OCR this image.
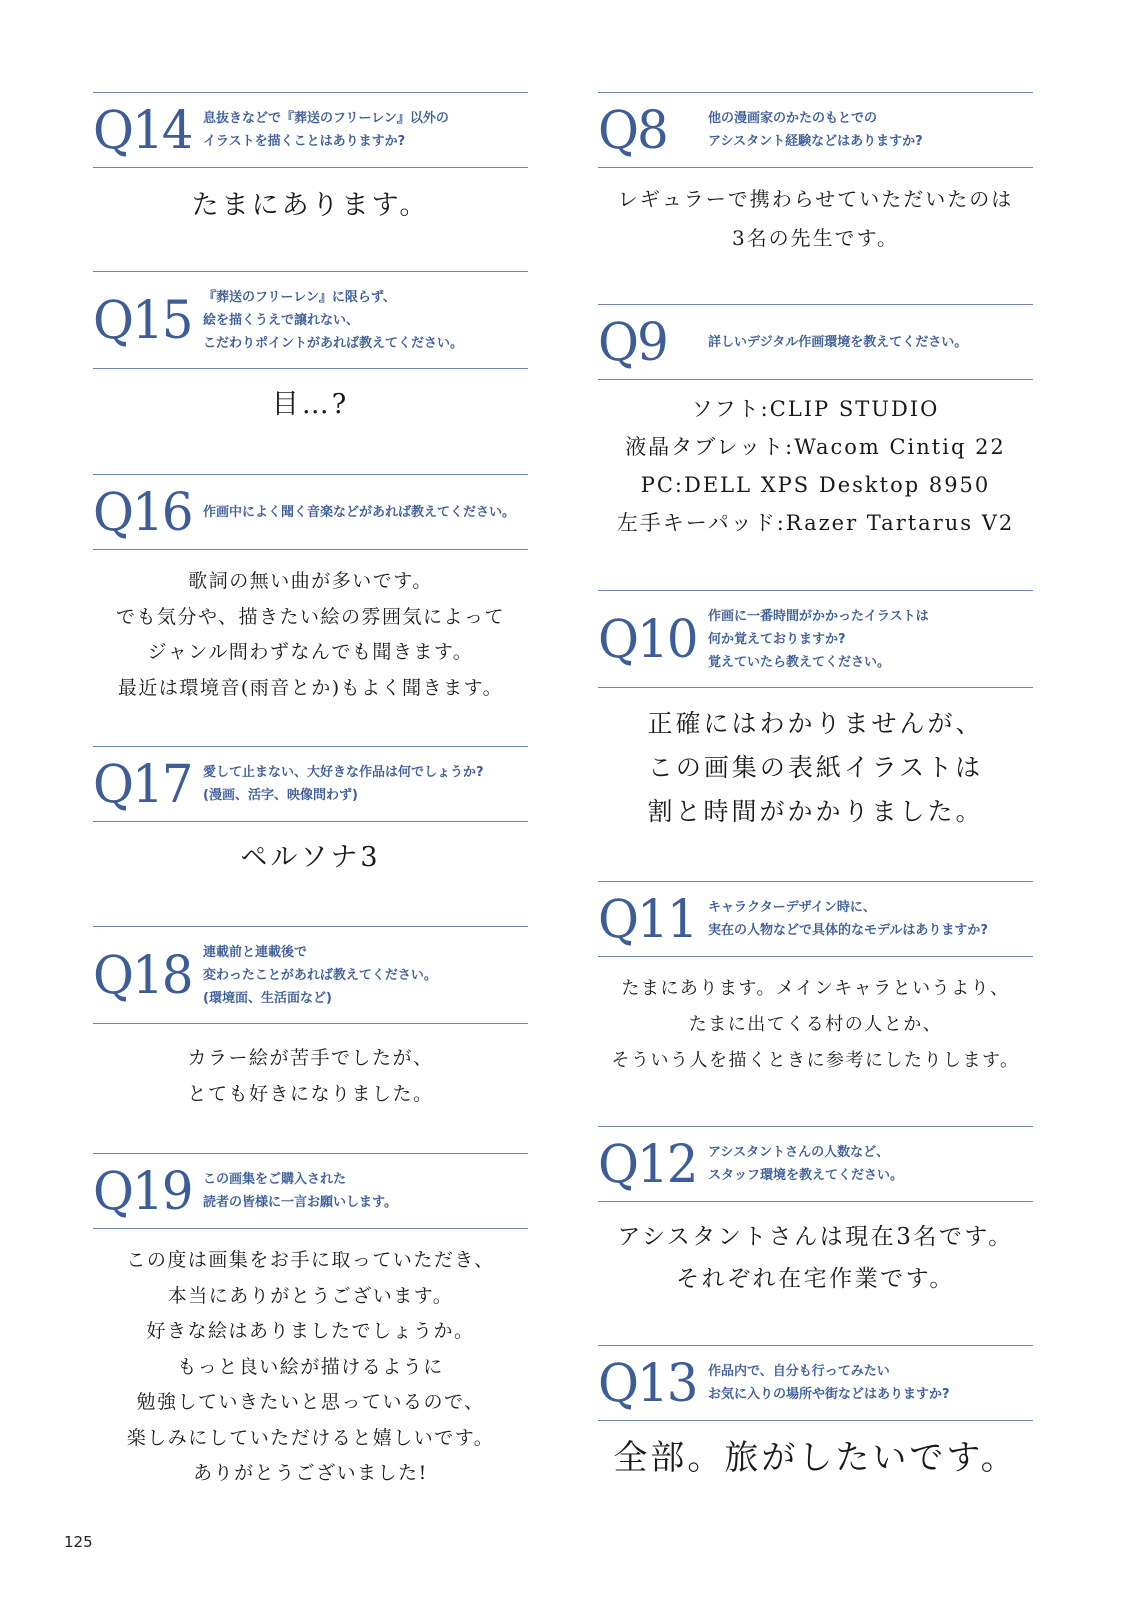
Q14 息抜きなどで『葬送のフリーレン』以外の
イラストを描くことはありますか?
たまにあります。
Q15 『葬送のフリーレン』に限らず、
絵を描くうえで譲れない、
こだわりポイントがあれば教えてください。
目…?
Q16 作画中によく聞く音楽などがあれば教えてください。
歌詞の無い曲が多いです。
でも気分や、描きたい絵の雰囲気によって
ジャンル問わずなんでも聞きます。
最近は環境音(雨音とか)もよく聞きます。
Q17 愛して止まない、大好きな作品は何でしょうか?
(漫画、活字、映像問わず)
ペルソナ3
Q18 連載前と連載後で
変わったことがあれば教えてください。
(環境面、生活面など)
カラー絵が苦手でしたが、
とても好きになりました。
Q19 この画集をご購入された
読者の皆様に一言お願いします。
この度は画集をお手に取っていただき、
本当にありがとうございます。
好きな絵はありましたでしょうか。
もっと良い絵が描けるように
勉強していきたいと思っているので、
楽しみにしていただけると嬉しいです。
ありがとうございました!
Q8	他の漫画家のかたのもとでの
アシスタント経験などはありますか?
レギュラーで携わらせていただいたのは
3名の先生です。
Q9	詳しいデジタル作画環境を教えてください。
ソフト:CLIP STUDIO
液晶タブレット:Wacom Cintiq 22
PC:DELL XPS Desktop 8950
左手キーパッド:Razer Tartarus V2
Q10 作画に一番時間がかかったイラストは
何か覚えておりますか?
覚えていたら教えてください。
正確にはわかりませんが、
この画集の表紙イラストは
割と時間がかかりました。
Q11 キャラクターデザイン時に、
実在の人物などで具体的なモデルはありますか?
たまにあります。メインキャラというより、
たまに出てくる村の人とか、
そういう人を描くときに参考にしたりします。
Q12 アシスタントさんの人数など、
スタッフ環境を教えてください。
アシスタントさんは現在3名です。
それぞれ在宅作業です。
Q13 作品内で、自分も行ってみたい
お気に入りの場所や街などはありますか?
全部。旅がしたいです。
125
